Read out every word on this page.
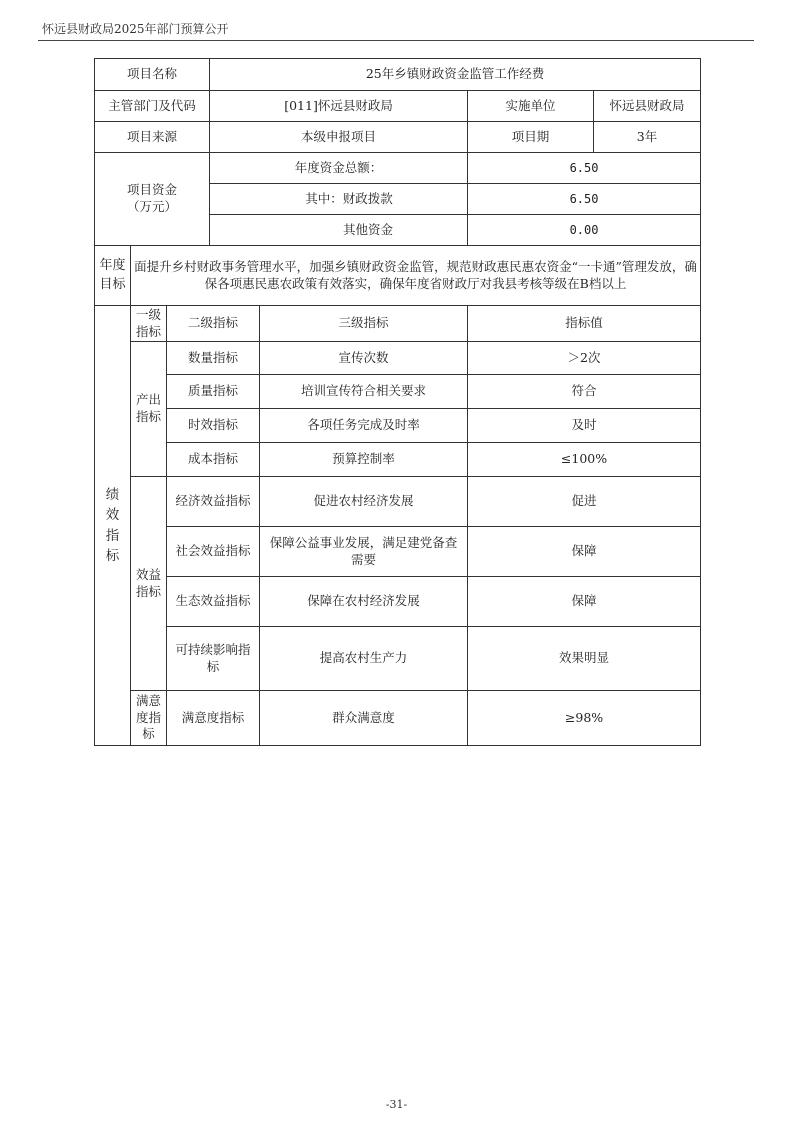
怀远县财政局2025年部门预算公开
项目名称			25年乡镇财政资金监管工作经费			
主管部门及代码			[011]怀远县财政局		实施单位	怀远县财政局
项目来源			本级申报项目		项目期	3年

项目资金
（万元）			年度资金总额：		6.50	
			其中：财政拨款		6.50	
			其他资金		0.00	
年度目标	面提升乡村财政事务管理水平，加强乡镇财政资金监管，规范财政惠民惠农资金“一卡通”管理发放，确保各项惠民惠农政策有效落实，确保年度省财政厅对我县考核等级在B档以上					

绩效指标	一级指标	二级指标		三级指标	指标值	

	产出指标	数量指标		宣传次数	＞2次	
		质量指标		培训宣传符合相关要求	符合	
		时效指标		各项任务完成及时率	及时	
		成本指标		预算控制率	≤100%	

	效益指标	经济效益指标		促进农村经济发展	促进	
		社会效益指标		保障公益事业发展，满足建党备查需要	保障	
		生态效益指标		保障在农村经济发展	保障	
		可持续影响指标		提高农村生产力	效果明显	

	满意度指标	满意度指标		群众满意度	≥98%	
-31-
